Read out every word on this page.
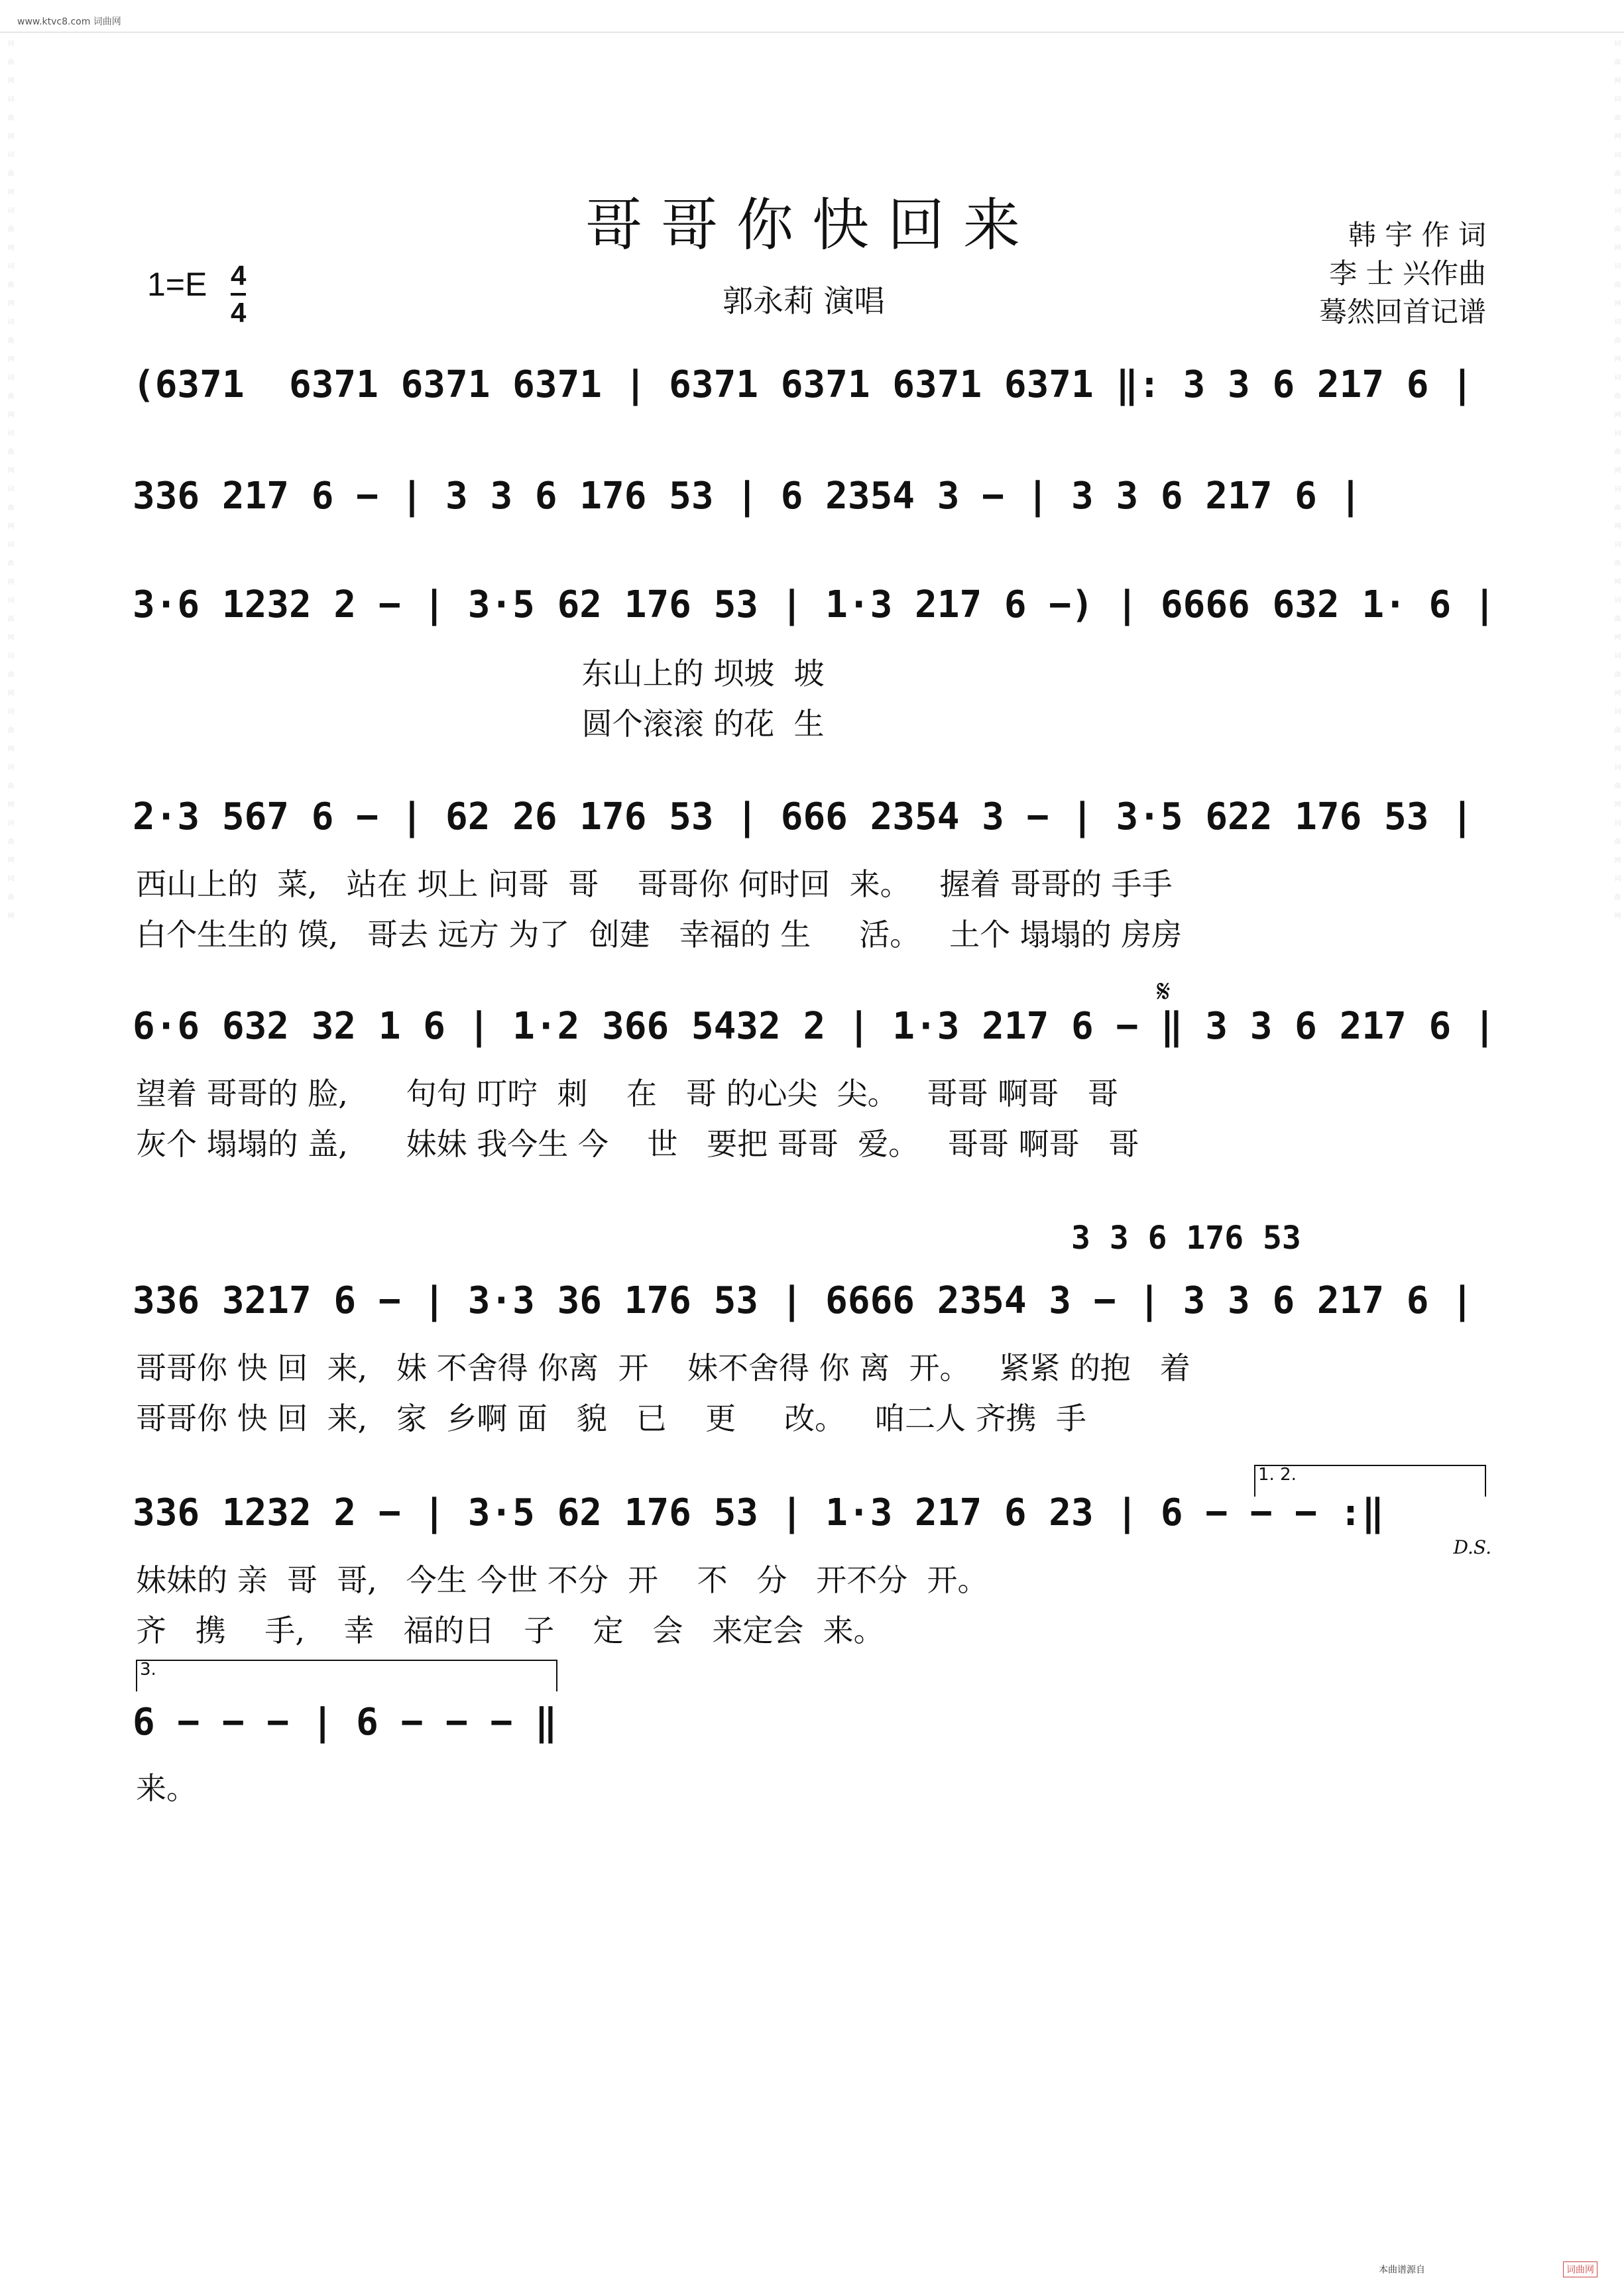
www.ktvc8.com 词曲网
词曲网词曲网词曲网词曲网词曲网词曲网词曲网词曲网词曲网词曲网词曲网词曲网词曲网词曲网词曲网词曲网	词曲网词曲网词曲网词曲网词曲网词曲网词曲网词曲网词曲网词曲网词曲网词曲网词曲网词曲网词曲网词曲网
哥哥你快回来	韩 宇 作 词
李 士 兴作曲
蓦然回首记谱
1=E 4
4	郭永莉 演唱
(6371  6371 6371 6371 | 6371 6371 6371 6371 ‖: 3 3 6 217 6 |
336 217 6 − | 3 3 6 176 53 | 6 2354 3 − | 3 3 6 217 6 |
3·6 1232 2 − | 3·5 62 176 53 | 1·3 217 6 −) | 6666 632 1· 6 |
东山上的 坝坡  坡
圆个滚滚 的花  生
2·3 567 6 − | 62 26 176 53 | 666 2354 3 − | 3·5 622 176 53 |
西山上的  菜,   站在 坝上 问哥  哥    哥哥你 何时回  来。   握着 哥哥的 手手
白个生生的 馍,   哥去 远方 为了  创建   幸福的 生     活。   土个 塌塌的 房房
𝄋
6·6 632 32 1 6 | 1·2 366 5432 2 | 1·3 217 6 − ‖ 3 3 6 217 6 |
望着 哥哥的 脸,      句句 叮咛  刺    在   哥 的心尖  尖。   哥哥 啊哥   哥
灰个 塌塌的 盖,      妹妹 我今生 今    世   要把 哥哥  爱。   哥哥 啊哥   哥
3 3 6 176 53
336 3217 6 − | 3·3 36 176 53 | 6666 2354 3 − | 3 3 6 217 6 |
哥哥你 快 回  来,   妹 不舍得 你离  开    妹不舍得 你 离  开。   紧紧 的抱   着
哥哥你 快 回  来,   家  乡啊 面   貌   已    更     改。   咱二人 齐携  手
1. 2.
336 1232 2 − | 3·5 62 176 53 | 1·3 217 6 23 | 6 − − − :‖
D.S.
妹妹的 亲  哥  哥,   今生 今世 不分  开    不   分   开不分  开。
齐   携    手,    幸   福的日   子    定   会   来定会  来。
3.
6 − − − | 6 − − − ‖
来。
本曲谱源自	词曲网
